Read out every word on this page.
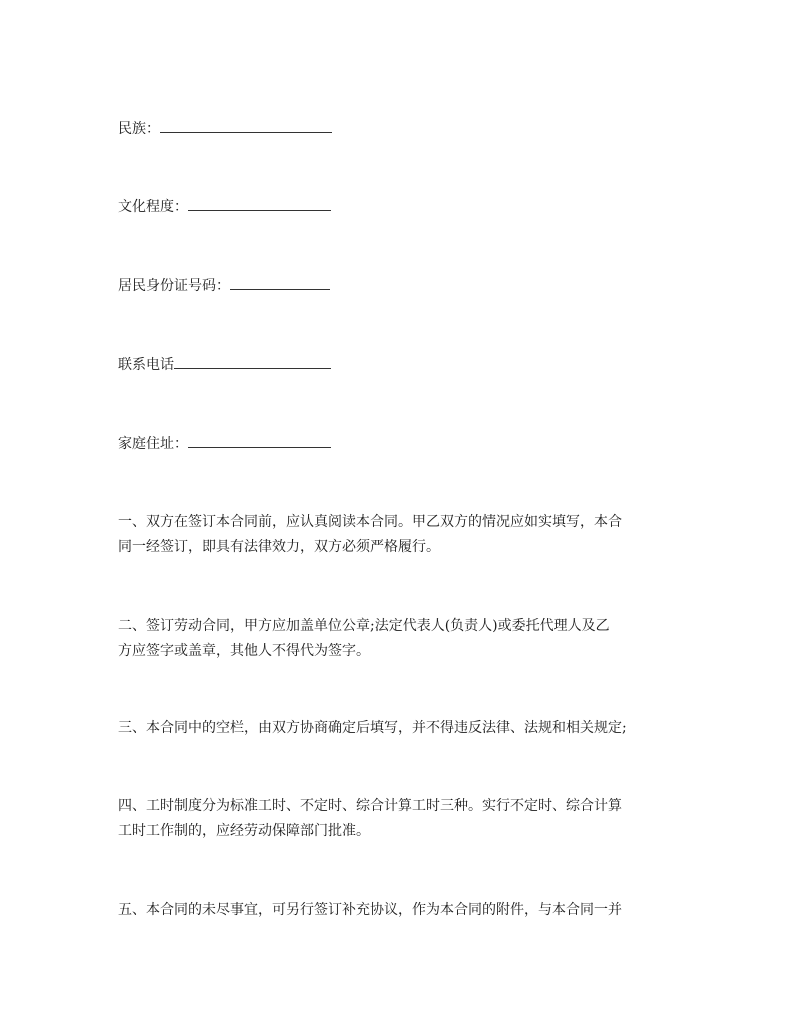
民族：
文化程度：
居民身份证号码：
联系电话
家庭住址：
一、双方在签订本合同前，应认真阅读本合同。甲乙双方的情况应如实填写，本合
同一经签订，即具有法律效力，双方必须严格履行。
二、签订劳动合同，甲方应加盖单位公章;法定代表人(负责人)或委托代理人及乙
方应签字或盖章，其他人不得代为签字。
三、本合同中的空栏，由双方协商确定后填写，并不得违反法律、法规和相关规定;
四、工时制度分为标准工时、不定时、综合计算工时三种。实行不定时、综合计算
工时工作制的，应经劳动保障部门批准。
五、本合同的未尽事宜，可另行签订补充协议，作为本合同的附件，与本合同一并
